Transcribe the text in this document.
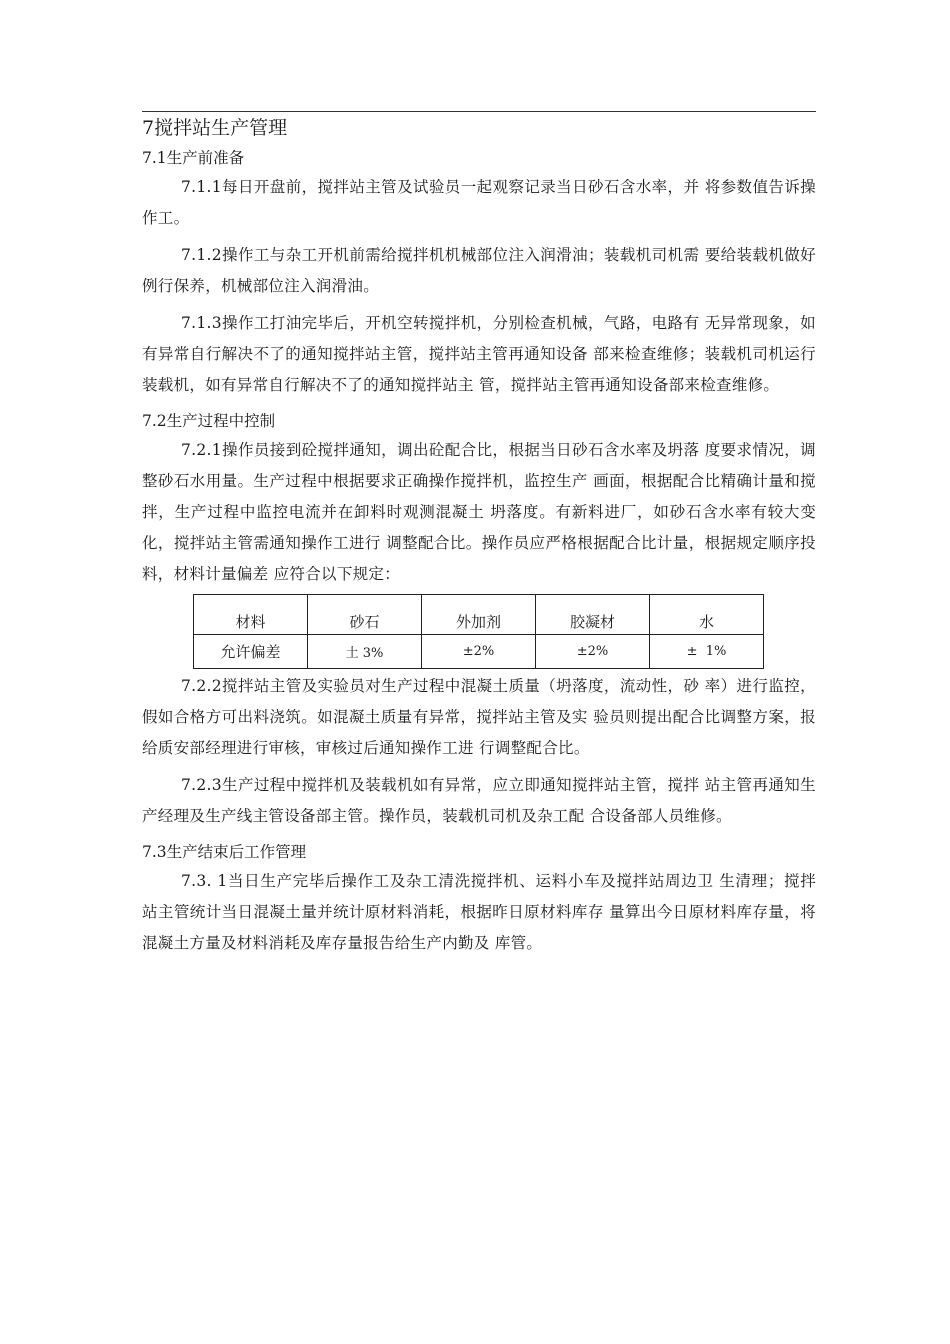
7搅拌站生产管理
7.1生产前准备

7.1.1每日开盘前，搅拌站主管及试验员一起观察记录当日砂石含水率，并 将参数值告诉操作工。

7.1.2操作工与杂工开机前需给搅拌机机械部位注入润滑油；装载机司机需 要给装载机做好例行保养，机械部位注入润滑油。

7.1.3操作工打油完毕后，开机空转搅拌机，分别检查机械，气路，电路有 无异常现象，如有异常自行解决不了的通知搅拌站主管，搅拌站主管再通知设备 部来检查维修；装载机司机运行装载机，如有异常自行解决不了的通知搅拌站主 管，搅拌站主管再通知设备部来检查维修。

7.2生产过程中控制

7.2.1操作员接到砼搅拌通知，调出砼配合比，根据当日砂石含水率及坍落 度要求情况，调整砂石水用量。生产过程中根据要求正确操作搅拌机，监控生产 画面，根据配合比精确计量和搅拌，生产过程中监控电流并在卸料时观测混凝土 坍落度。有新料进厂，如砂石含水率有较大变化，搅拌站主管需通知操作工进行 调整配合比。操作员应严格根据配合比计量，根据规定顺序投料，材料计量偏差 应符合以下规定：

材料	砂石	外加剂	胶凝材	水
允许偏差	土 3%	±2%	±2%	±  1%

7.2.2搅拌站主管及实验员对生产过程中混凝土质量（坍落度，流动性，砂 率）进行监控，假如合格方可出料浇筑。如混凝土质量有异常，搅拌站主管及实 验员则提出配合比调整方案，报给质安部经理进行审核，审核过后通知操作工进 行调整配合比。

7.2.3生产过程中搅拌机及装载机如有异常，应立即通知搅拌站主管，搅拌 站主管再通知生产经理及生产线主管设备部主管。操作员，装载机司机及杂工配 合设备部人员维修。

7.3生产结束后工作管理

7.3. 1当日生产完毕后操作工及杂工清洗搅拌机、运料小车及搅拌站周边卫 生清理；搅拌站主管统计当日混凝土量并统计原材料消耗，根据昨日原材料库存 量算出今日原材料库存量，将混凝土方量及材料消耗及库存量报告给生产内勤及 库管。
